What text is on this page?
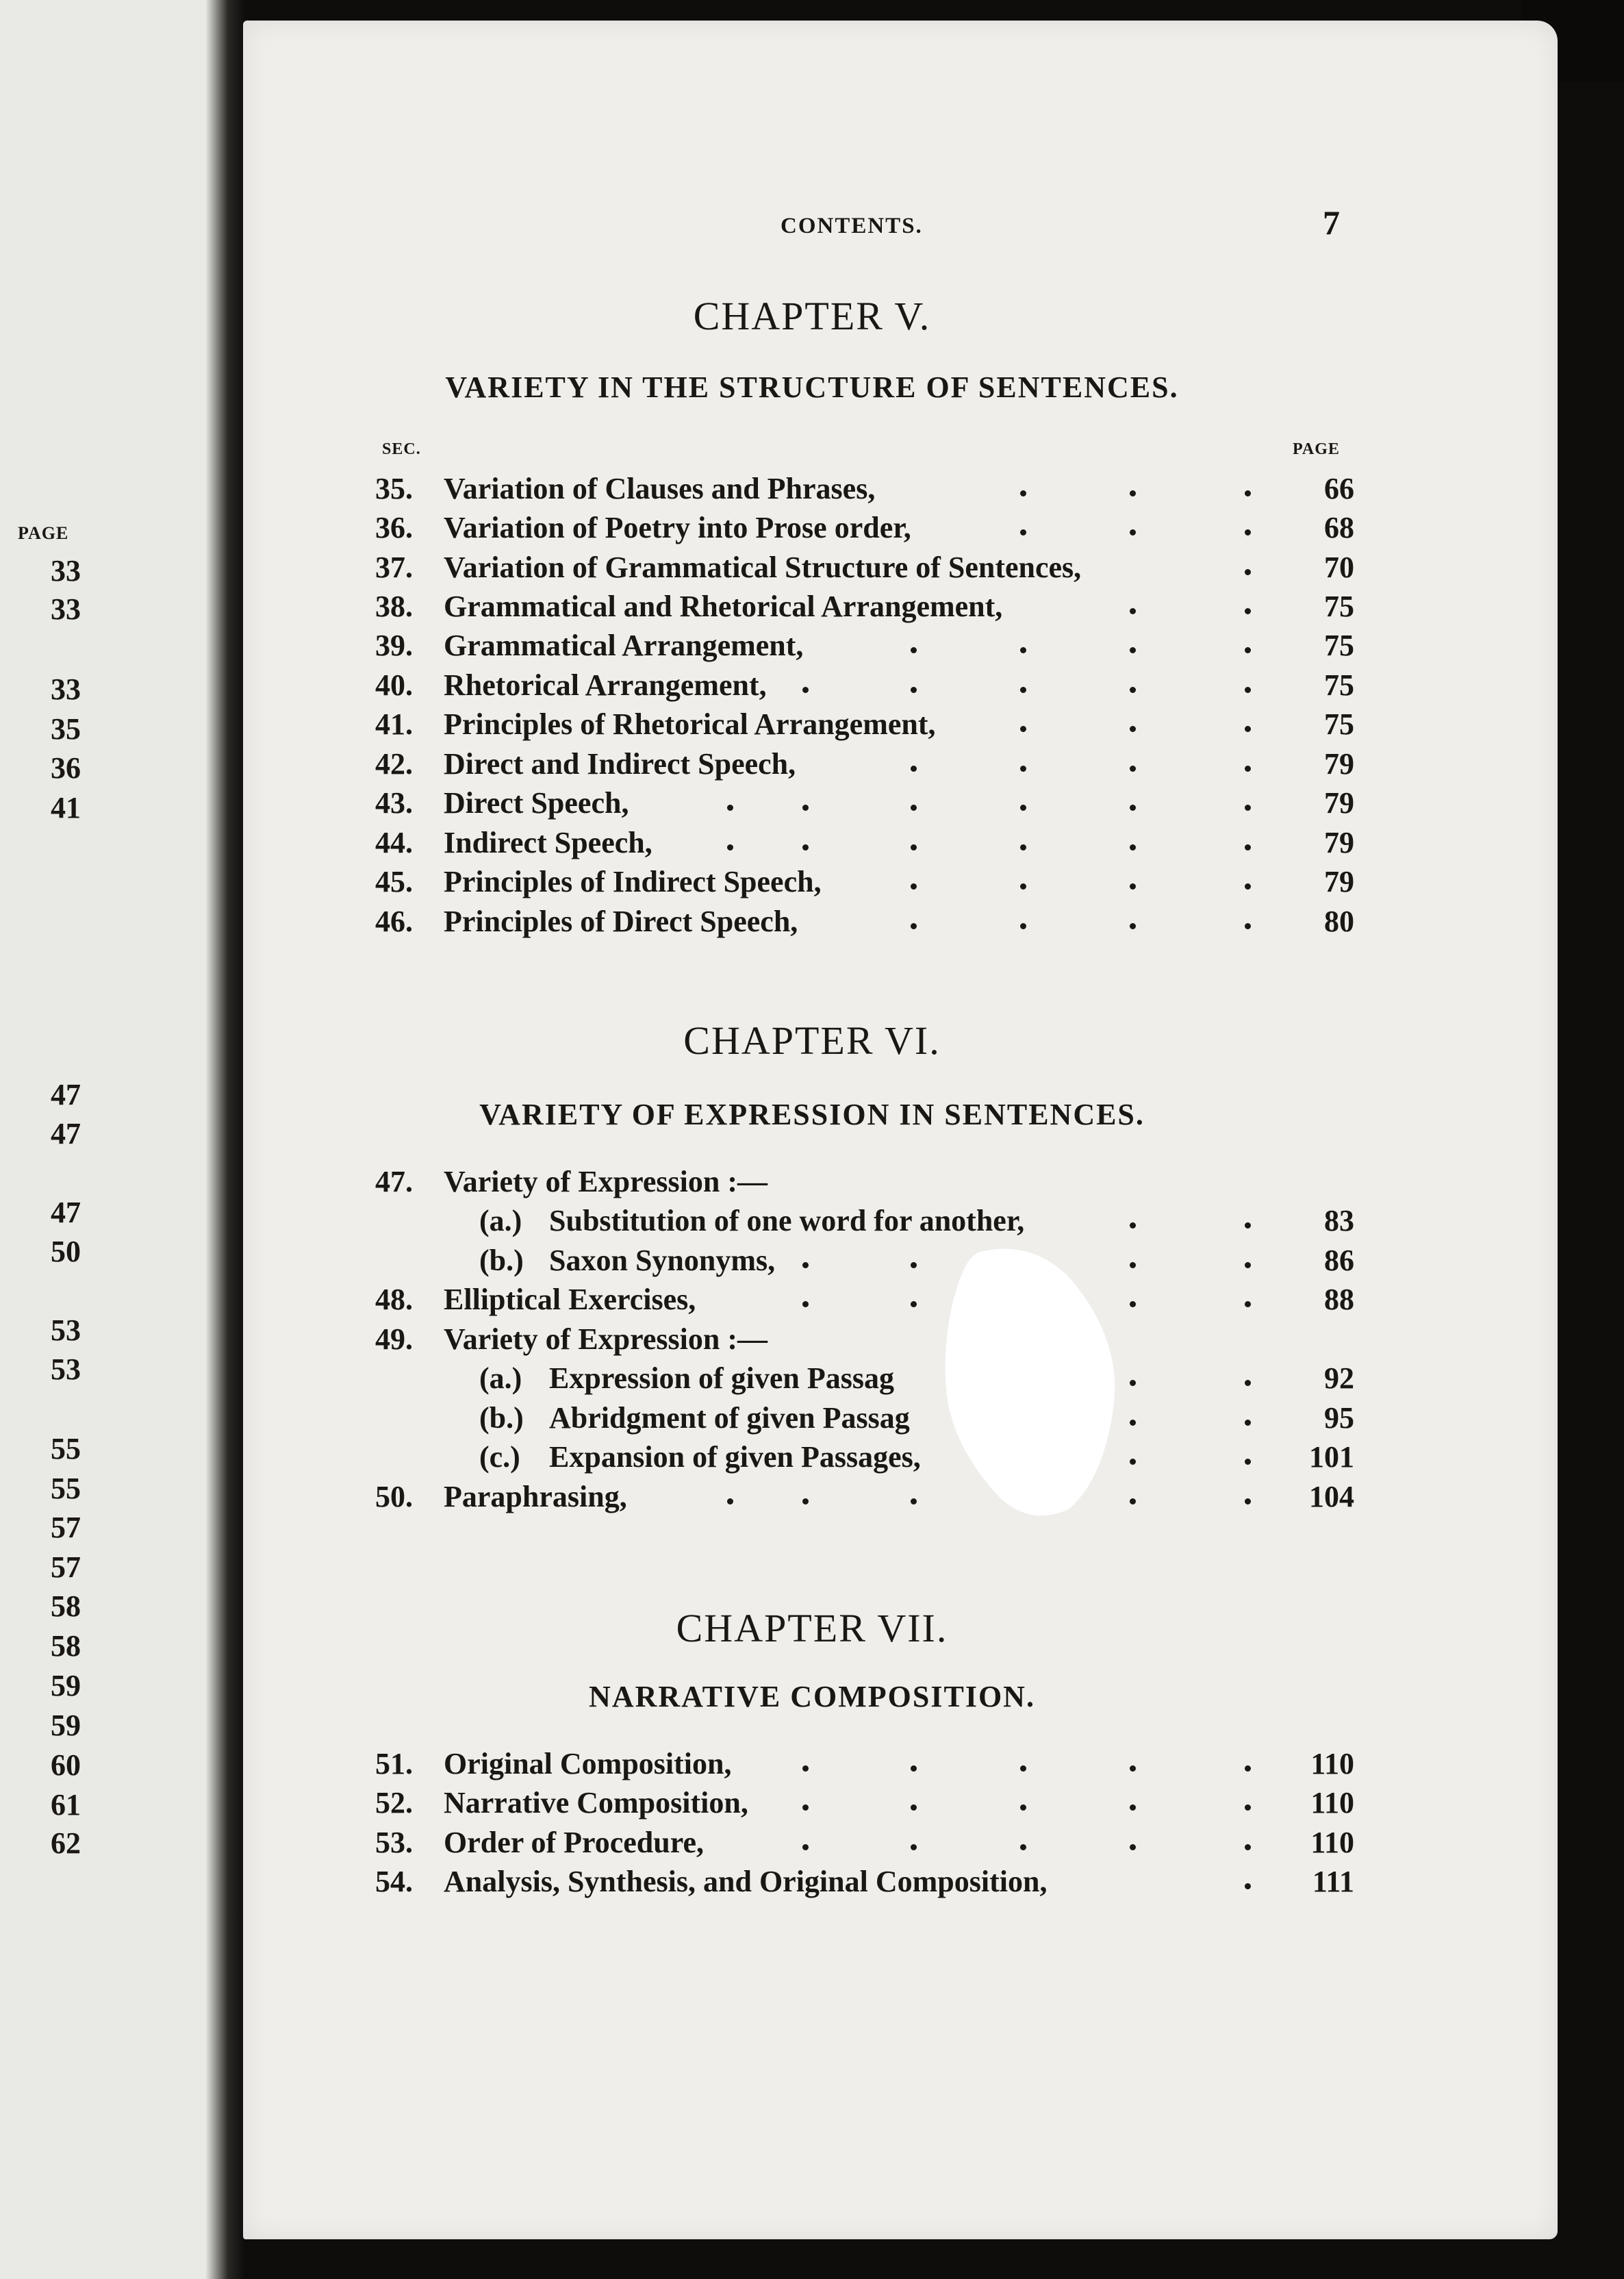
PAGE
33
33
33
35
36
41
47
47
47
50
53
53
55
55
57
57
58
58
59
59
60
61
62
CONTENTS.	7
SEC.	PAGE
CHAPTER V.
VARIETY IN THE STRUCTURE OF SENTENCES.
35.	Variation of Clauses and Phrases,	66
36.	Variation of Poetry into Prose order,	68
37.	Variation of Grammatical Structure of Sentences,	70
38.	Grammatical and Rhetorical Arrangement,	75
39.	Grammatical Arrangement,	75
40.	Rhetorical Arrangement,	75
41.	Principles of Rhetorical Arrangement,	75
42.	Direct and Indirect Speech,	79
43.	Direct Speech,	79
44.	Indirect Speech,	79
45.	Principles of Indirect Speech,	79
46.	Principles of Direct Speech,	80
CHAPTER VI.
VARIETY OF EXPRESSION IN SENTENCES.
47.	Variety of Expression :—
(a.) Substitution of one word for another,	83
(b.) Saxon Synonyms,	86
48.	Elliptical Exercises,	88
49.	Variety of Expression :—
(a.) Expression of given Passag	92
(b.) Abridgment of given Passag	95
(c.) Expansion of given Passages,	101
50.	Paraphrasing,	104
CHAPTER VII.
NARRATIVE COMPOSITION.
51.	Original Composition,	110
52.	Narrative Composition,	110
53.	Order of Procedure,	110
54.	Analysis, Synthesis, and Original Composition,	111
